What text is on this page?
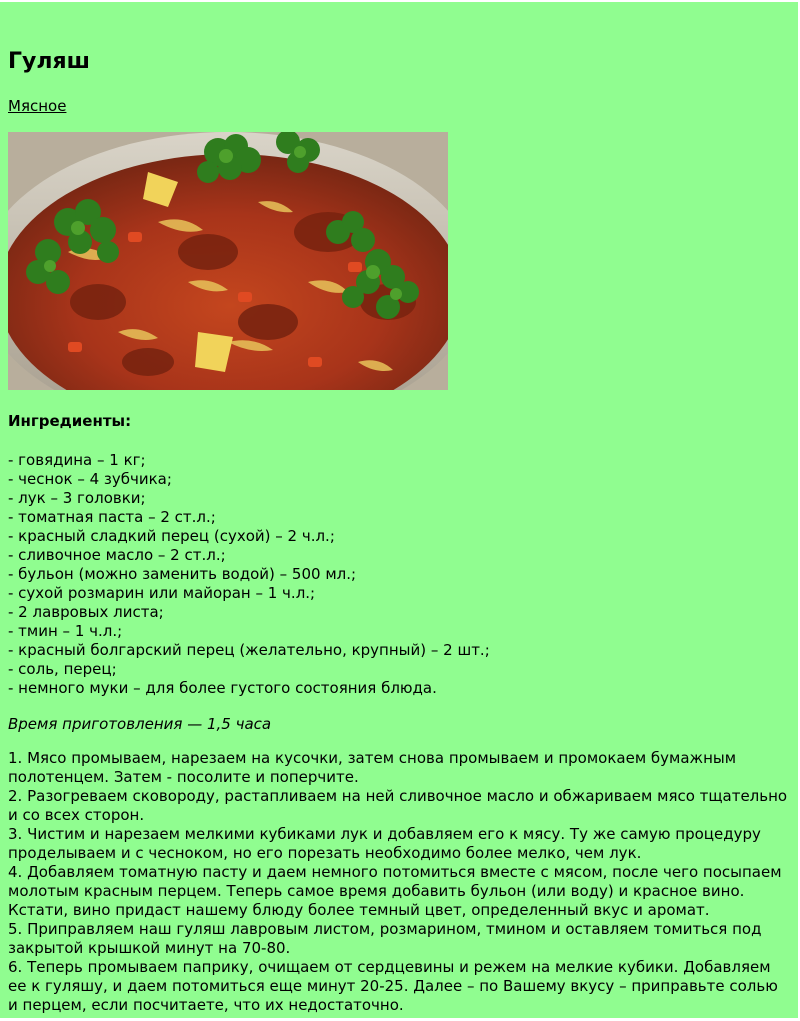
Гуляш
Мясное
Ингредиенты:
- говядина – 1 кг;
- чеснок – 4 зубчика;
- лук – 3 головки;
- томатная паста – 2 ст.л.;
- красный сладкий перец (сухой) – 2 ч.л.;
- сливочное масло – 2 ст.л.;
- бульон (можно заменить водой) – 500 мл.;
- сухой розмарин или майоран – 1 ч.л.;
- 2 лавровых листа;
- тмин – 1 ч.л.;
- красный болгарский перец (желательно, крупный) – 2 шт.;
- соль, перец;
- немного муки – для более густого состояния блюда.
Время приготовления — 1,5 часа
1. Мясо промываем, нарезаем на кусочки, затем снова промываем и промокаем бумажным полотенцем. Затем - посолите и поперчите.
2. Разогреваем сковороду, растапливаем на ней сливочное масло и обжариваем мясо тщательно и со всех сторон.
3. Чистим и нарезаем мелкими кубиками лук и добавляем его к мясу. Ту же самую процедуру проделываем и с чесноком, но его порезать необходимо более мелко, чем лук.
4. Добавляем томатную пасту и даем немного потомиться вместе с мясом, после чего посыпаем молотым красным перцем. Теперь самое время добавить бульон (или воду) и красное вино. Кстати, вино придаст нашему блюду более темный цвет, определенный вкус и аромат.
5. Приправляем наш гуляш лавровым листом, розмарином, тмином и оставляем томиться под закрытой крышкой минут на 70-80.
6. Теперь промываем паприку, очищаем от сердцевины и режем на мелкие кубики. Добавляем ее к гуляшу, и даем потомиться еще минут 20-25. Далее – по Вашему вкусу – приправьте солью и перцем, если посчитаете, что их недостаточно.
